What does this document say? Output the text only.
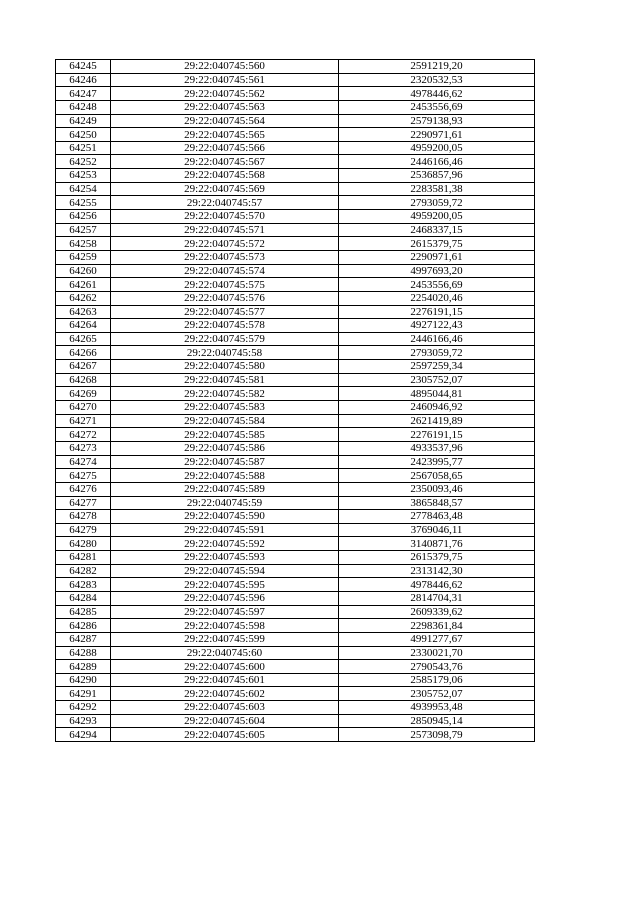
64245	29:22:040745:560	2591219,20
64246	29:22:040745:561	2320532,53
64247	29:22:040745:562	4978446,62
64248	29:22:040745:563	2453556,69
64249	29:22:040745:564	2579138,93
64250	29:22:040745:565	2290971,61
64251	29:22:040745:566	4959200,05
64252	29:22:040745:567	2446166,46
64253	29:22:040745:568	2536857,96
64254	29:22:040745:569	2283581,38
64255	29:22:040745:57	2793059,72
64256	29:22:040745:570	4959200,05
64257	29:22:040745:571	2468337,15
64258	29:22:040745:572	2615379,75
64259	29:22:040745:573	2290971,61
64260	29:22:040745:574	4997693,20
64261	29:22:040745:575	2453556,69
64262	29:22:040745:576	2254020,46
64263	29:22:040745:577	2276191,15
64264	29:22:040745:578	4927122,43
64265	29:22:040745:579	2446166,46
64266	29:22:040745:58	2793059,72
64267	29:22:040745:580	2597259,34
64268	29:22:040745:581	2305752,07
64269	29:22:040745:582	4895044,81
64270	29:22:040745:583	2460946,92
64271	29:22:040745:584	2621419,89
64272	29:22:040745:585	2276191,15
64273	29:22:040745:586	4933537,96
64274	29:22:040745:587	2423995,77
64275	29:22:040745:588	2567058,65
64276	29:22:040745:589	2350093,46
64277	29:22:040745:59	3865848,57
64278	29:22:040745:590	2778463,48
64279	29:22:040745:591	3769046,11
64280	29:22:040745:592	3140871,76
64281	29:22:040745:593	2615379,75
64282	29:22:040745:594	2313142,30
64283	29:22:040745:595	4978446,62
64284	29:22:040745:596	2814704,31
64285	29:22:040745:597	2609339,62
64286	29:22:040745:598	2298361,84
64287	29:22:040745:599	4991277,67
64288	29:22:040745:60	2330021,70
64289	29:22:040745:600	2790543,76
64290	29:22:040745:601	2585179,06
64291	29:22:040745:602	2305752,07
64292	29:22:040745:603	4939953,48
64293	29:22:040745:604	2850945,14
64294	29:22:040745:605	2573098,79
